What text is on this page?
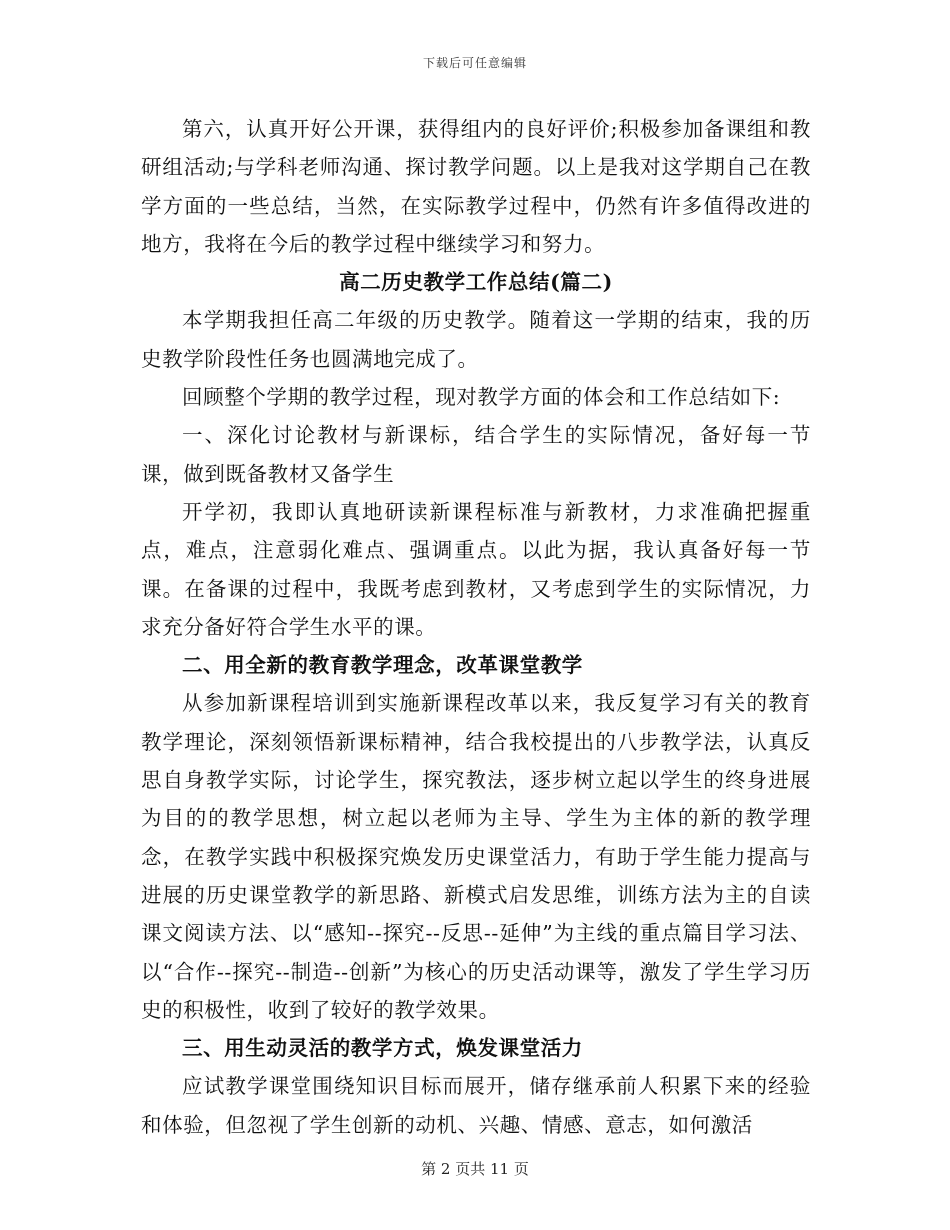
下载后可任意编辑

第六，认真开好公开课，获得组内的良好评价;积极参加备课组和教研组活动;与学科老师沟通、探讨教学问题。以上是我对这学期自己在教学方面的一些总结，当然，在实际教学过程中，仍然有许多值得改进的地方，我将在今后的教学过程中继续学习和努力。

高二历史教学工作总结(篇二)

本学期我担任高二年级的历史教学。随着这一学期的结束，我的历史教学阶段性任务也圆满地完成了。

回顾整个学期的教学过程，现对教学方面的体会和工作总结如下:

一、深化讨论教材与新课标，结合学生的实际情况，备好每一节课，做到既备教材又备学生

开学初，我即认真地研读新课程标准与新教材，力求准确把握重点，难点，注意弱化难点、强调重点。以此为据，我认真备好每一节课。在备课的过程中，我既考虑到教材，又考虑到学生的实际情况，力求充分备好符合学生水平的课。

二、用全新的教育教学理念，改革课堂教学

从参加新课程培训到实施新课程改革以来，我反复学习有关的教育教学理论，深刻领悟新课标精神，结合我校提出的八步教学法，认真反思自身教学实际，讨论学生，探究教法，逐步树立起以学生的终身进展为目的的教学思想，树立起以老师为主导、学生为主体的新的教学理念，在教学实践中积极探究焕发历史课堂活力，有助于学生能力提高与进展的历史课堂教学的新思路、新模式启发思维，训练方法为主的自读课文阅读方法、以“感知--探究--反思--延伸”为主线的重点篇目学习法、以“合作--探究--制造--创新”为核心的历史活动课等，激发了学生学习历史的积极性，收到了较好的教学效果。

三、用生动灵活的教学方式，焕发课堂活力

应试教学课堂围绕知识目标而展开，储存继承前人积累下来的经验和体验，但忽视了学生创新的动机、兴趣、情感、意志，如何激活

第 2 页共 11 页
